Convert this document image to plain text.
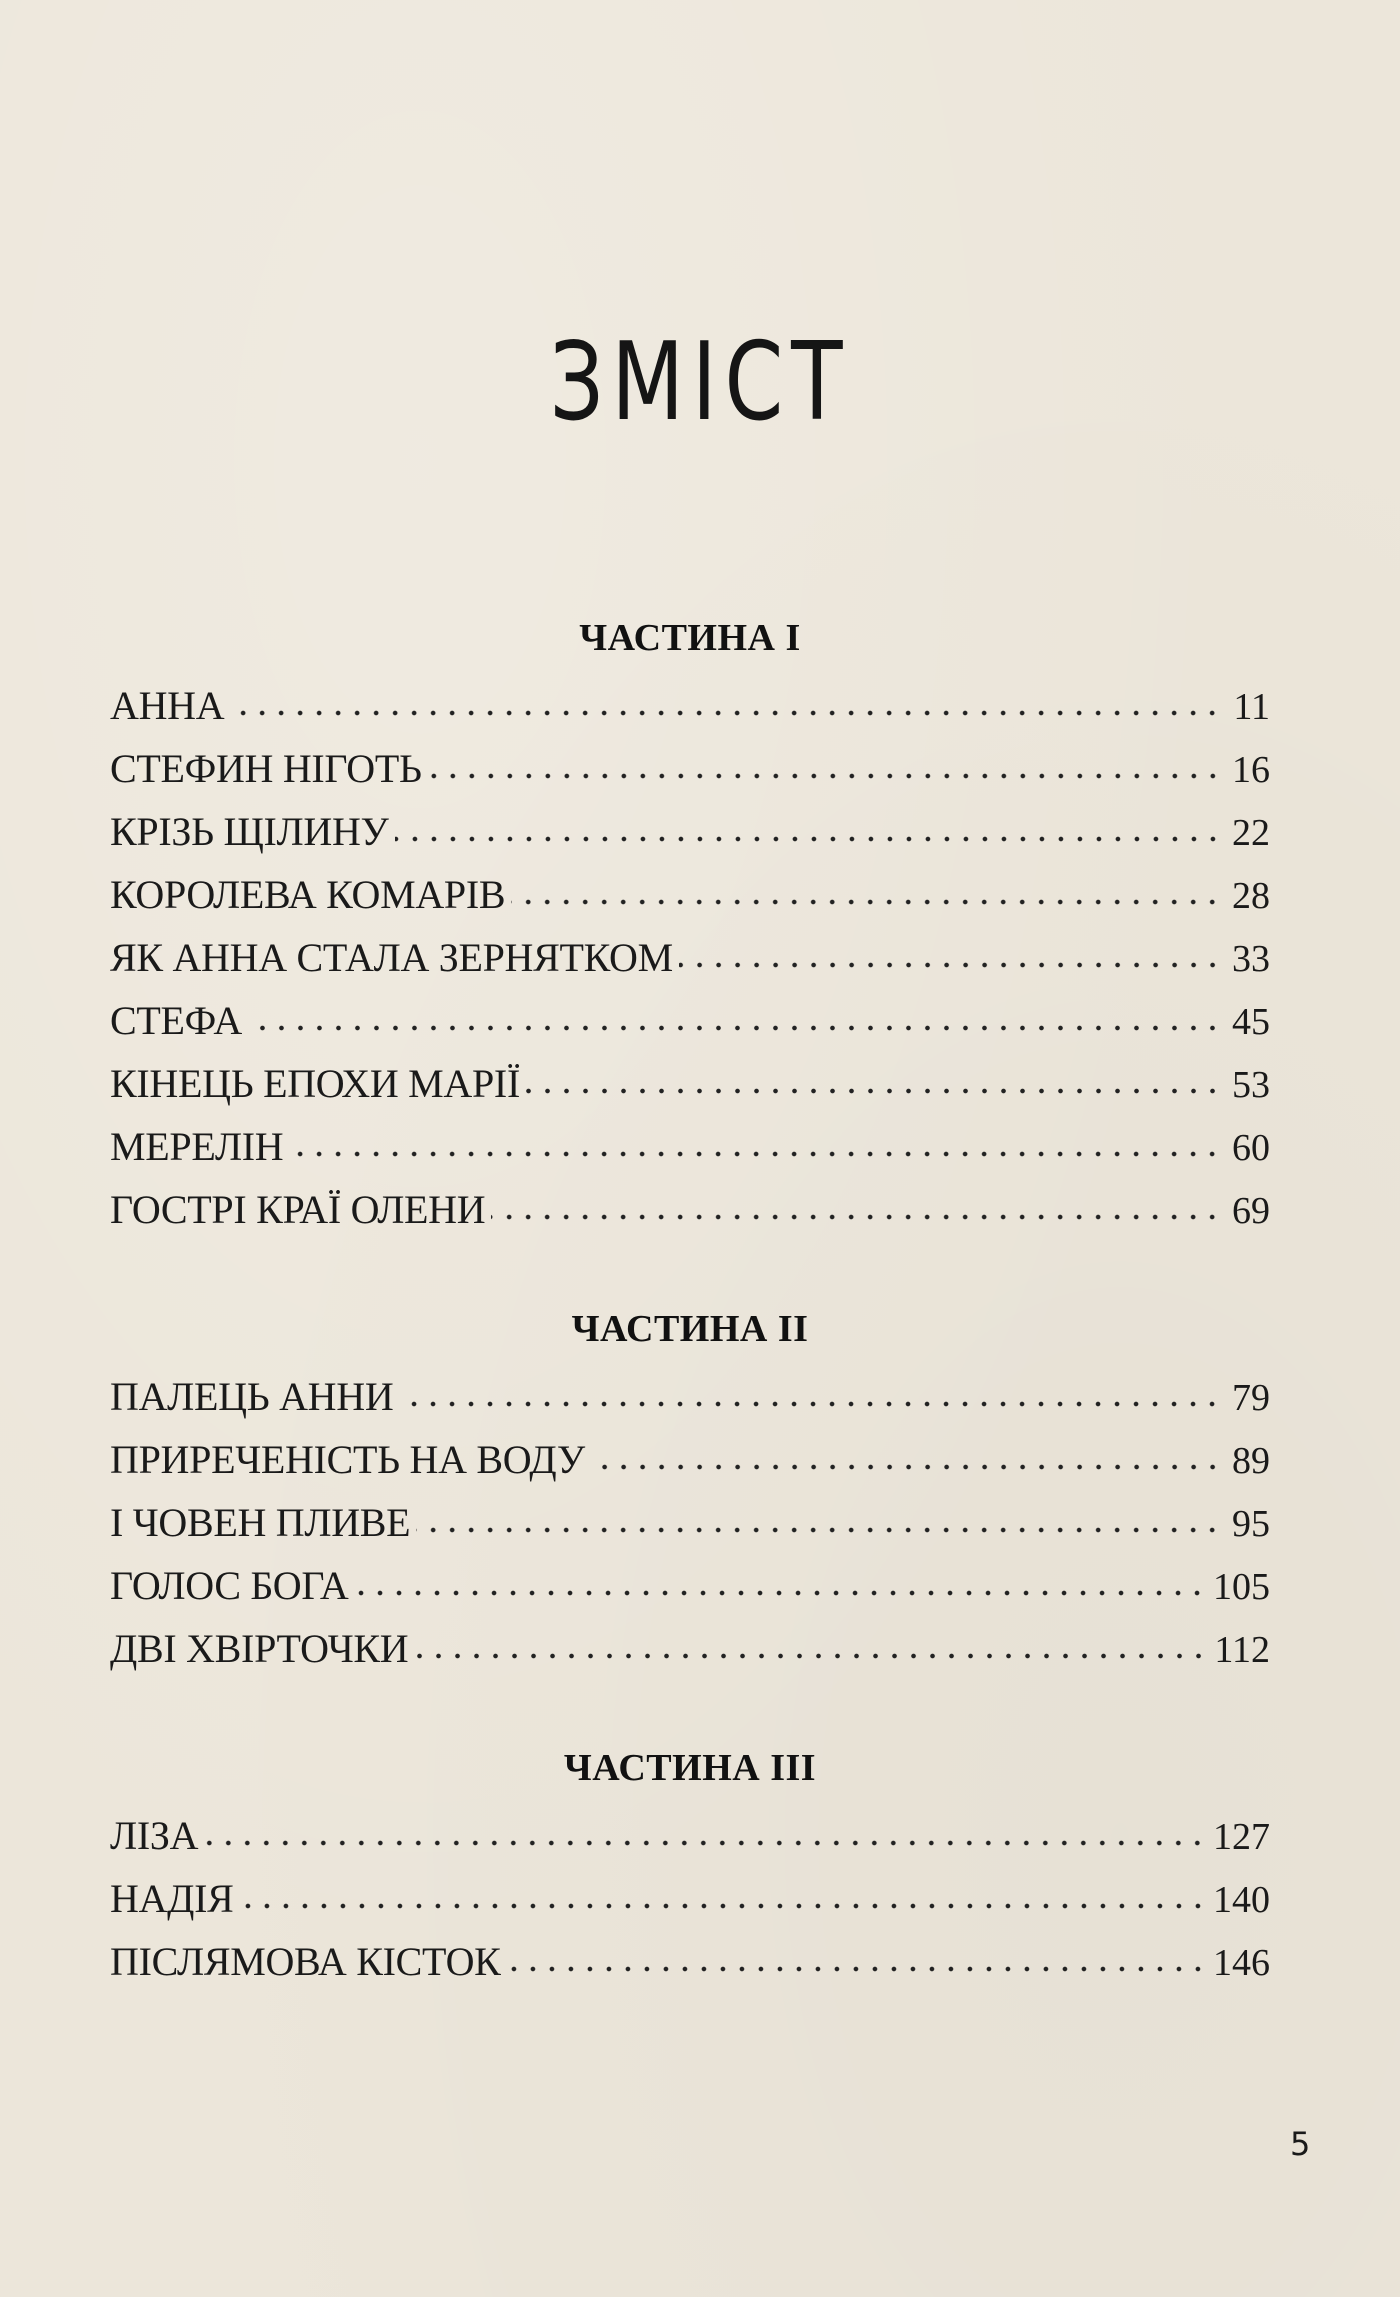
ЗМІСТ
ЧАСТИНА І
АННА	11
СТЕФИН НІГОТЬ	16
КРІЗЬ ЩІЛИНУ	22
КОРОЛЕВА КОМАРІВ	28
ЯК АННА СТАЛА ЗЕРНЯТКОМ	33
СТЕФА	45
КІНЕЦЬ ЕПОХИ МАРІЇ	53
МЕРЕЛІН	60
ГОСТРІ КРАЇ ОЛЕНИ	69
ЧАСТИНА ІІ
ПАЛЕЦЬ АННИ	79
ПРИРЕЧЕНІСТЬ НА ВОДУ	89
І ЧОВЕН ПЛИВЕ	95
ГОЛОС БОГА	105
ДВІ ХВІРТОЧКИ	112
ЧАСТИНА ІІІ
ЛІЗА	127
НАДІЯ	140
ПІСЛЯМОВА КІСТОК	146
5
